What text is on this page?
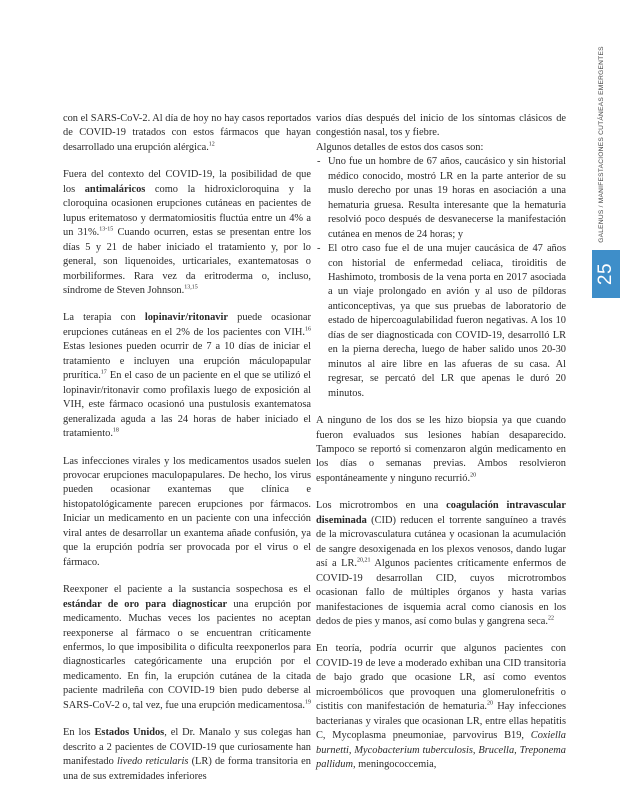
GALENUS / MANIFESTACIONES CUTÁNEAS EMERGENTES
25

con el SARS-CoV-2. Al día de hoy no hay casos reportados de COVID-19 tratados con estos fármacos que hayan desarrollado una erupción alérgica.$^{12}$

Fuera del contexto del COVID-19, la posibilidad de que los antimaláricos como la hidroxicloroquina y la cloroquina ocasionen erupciones cutáneas en pacientes de lupus eritematoso y dermatomiositis fluctúa entre un 4% a un 31%.$^{13-15}$ Cuando ocurren, estas se presentan entre los días 5 y 21 de haber iniciado el tratamiento y, por lo general, son liquenoides, urticariales, exantematosas o morbiliformes. Rara vez da eritroderma o, incluso, síndrome de Steven Johnson.$^{13,15}$

La terapia con lopinavir/ritonavir puede ocasionar erupciones cutáneas en el 2% de los pacientes con VIH.$^{16}$ Estas lesiones pueden ocurrir de 7 a 10 días de iniciar el tratamiento e incluyen una erupción máculopapular prurítica.$^{17}$ En el caso de un paciente en el que se utilizó el lopinavir/ritonavir como profilaxis luego de exposición al VIH, este fármaco ocasionó una pustulosis exantematosa generalizada aguda a las 24 horas de haber iniciado el tratamiento.$^{18}$

Las infecciones virales y los medicamentos usados suelen provocar erupciones maculopapulares. De hecho, los virus pueden ocasionar exantemas que clínica e histopatológicamente parecen erupciones por fármacos. Iniciar un medicamento en un paciente con una infección viral antes de desarrollar un exantema añade confusión, ya que la erupción podría ser provocada por el virus o el fármaco.

Reexponer el paciente a la sustancia sospechosa es el estándar de oro para diagnosticar una erupción por medicamento. Muchas veces los pacientes no aceptan reexponerse al fármaco o se encuentran críticamente enfermos, lo que imposibilita o dificulta reexponerlos para diagnosticarles categóricamente una erupción por el medicamento. En fin, la erupción cutánea de la citada paciente madrileña con COVID-19 bien pudo deberse al SARS-CoV-2 o, tal vez, fue una erupción medicamentosa.$^{19}$

En los Estados Unidos, el Dr. Manalo y sus colegas han descrito a 2 pacientes de COVID-19 que curiosamente han manifestado livedo reticularis (LR) de forma transitoria en una de sus extremidades inferiores

varios días después del inicio de los síntomas clásicos de congestión nasal, tos y fiebre.

Algunos detalles de estos dos casos son:

- Uno fue un hombre de 67 años, caucásico y sin historial médico conocido, mostró LR en la parte anterior de su muslo derecho por unas 19 horas en asociación a una hematuria gruesa. Resulta interesante que la hematuria resolvió poco después de desvanecerse la manifestación cutánea en menos de 24 horas; y
- El otro caso fue el de una mujer caucásica de 47 años con historial de enfermedad celiaca, tiroiditis de Hashimoto, trombosis de la vena porta en 2017 asociada a un viaje prolongado en avión y al uso de píldoras anticonceptivas, ya que sus pruebas de laboratorio de estado de hipercoagulabilidad fueron negativas. A los 10 días de ser diagnosticada con COVID-19, desarrolló LR en la pierna derecha, luego de haber salido unos 20-30 minutos al aire libre en las afueras de su casa. Al regresar, se percató del LR que apenas le duró 20 minutos.

A ninguno de los dos se les hizo biopsia ya que cuando fueron evaluados sus lesiones habían desaparecido. Tampoco se reportó si comenzaron algún medicamento en los días o semanas previas. Ambos resolvieron espontáneamente y ninguno recurrió.$^{20}$

Los microtrombos en una coagulación intravascular diseminada (CID) reducen el torrente sanguíneo a través de la microvasculatura cutánea y ocasionan la acumulación de sangre desoxigenada en los plexos venosos, dando lugar así a LR.$^{20,21}$ Algunos pacientes críticamente enfermos de COVID-19 desarrollan CID, cuyos microtrombos ocasionan fallo de múltiples órganos y hasta varias manifestaciones de isquemia acral como cianosis en los dedos de pies y manos, así como bulas y gangrena seca.$^{22}$

En teoría, podría ocurrir que algunos pacientes con COVID-19 de leve a moderado exhiban una CID transitoria de bajo grado que ocasione LR, así como eventos microembólicos que provoquen una glomerulonefritis o cistitis con manifestación de hematuria.$^{20}$ Hay infecciones bacterianas y virales que ocasionan LR, entre ellas hepatitis C, Mycoplasma pneumoniae, parvovirus B19, Coxiella burnetti, Mycobacterium tuberculosis, Brucella, Treponema pallidum, meningococcemia,
